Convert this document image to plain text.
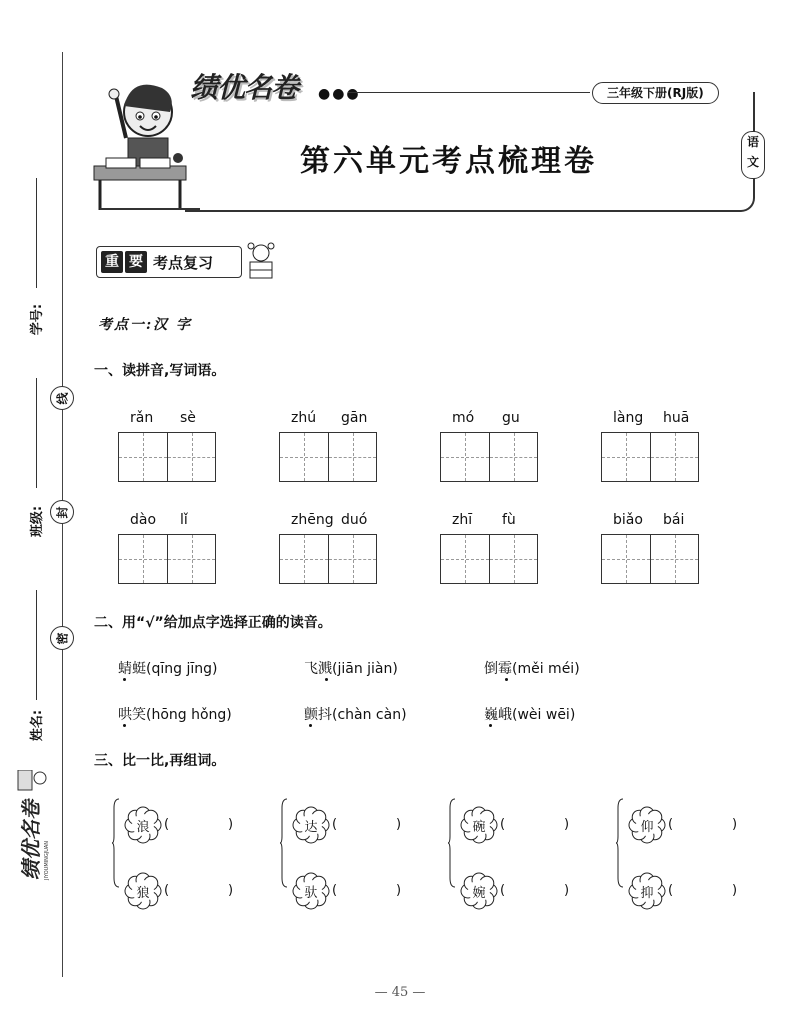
学号:
线
班级: 封
密
姓名:
绩优名卷 JIYOUMINGJUAN
绩优名卷 ●●●	三年级下册(RJ版)
第六单元考点梳理卷
语
文
重 要 考点复习
考点一:汉 字
一、读拼音,写词语。
rǎn sè	zhú gān	mó gu	làng huā
dào lǐ	zhēng duó	zhī fù	biǎo bái
二、用“√”给加点字选择正确的读音。
蜻蜓(qīng jīng)	飞溅(jiān jiàn)	倒霉(měi méi)
哄笑(hōng hǒng)	颤抖(chàn càn)	巍峨(wèi wēi)
三、比一比,再组词。
浪	(	)
狼	(	)
达	(	)
驮	(	)
碗	(	)
婉	(	)
仰	(	)
抑	(	)
— 45 —
